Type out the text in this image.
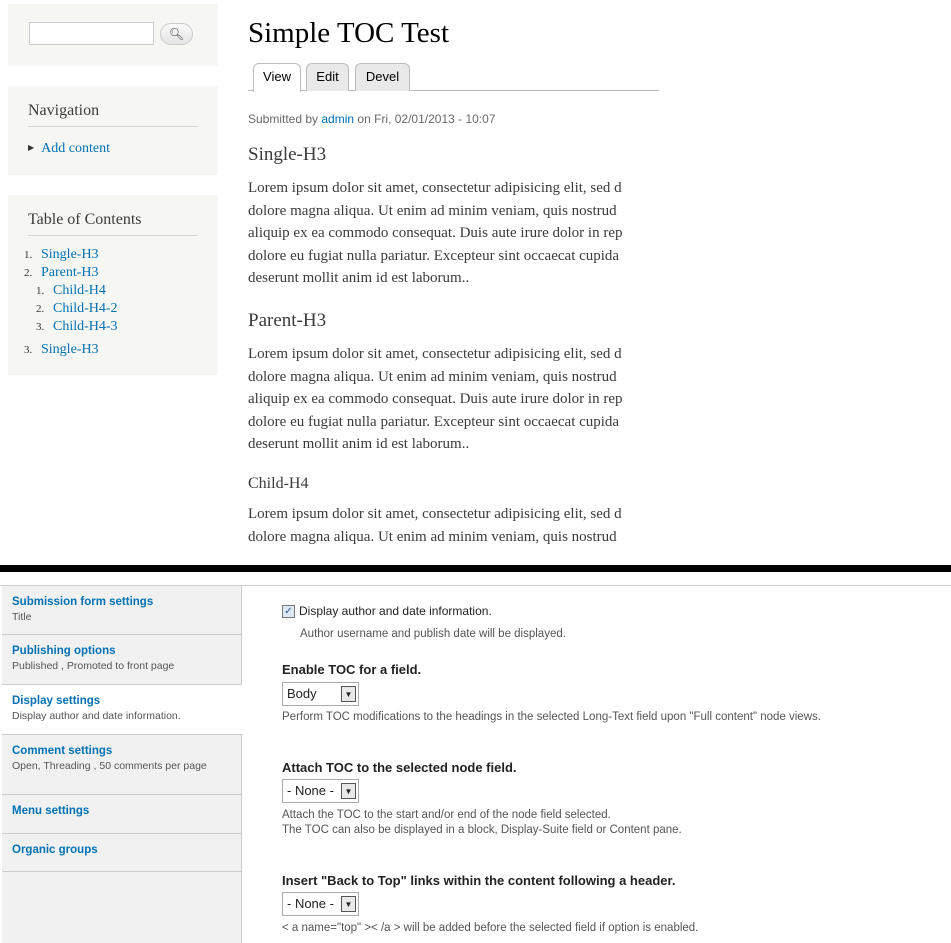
🔍︎
Navigation
▶ Add content
Table of Contents
1. Single-H3
2. Parent-H3
1. Child-H4
2. Child-H4-2
3. Child-H4-3
3. Single-H3
Simple TOC Test
View	Edit	Devel
Submitted by admin on Fri, 02/01/2013 - 10:07
Single-H3
Lorem ipsum dolor sit amet, consectetur adipisicing elit, sed d
dolore magna aliqua. Ut enim ad minim veniam, quis nostrud
aliquip ex ea commodo consequat. Duis aute irure dolor in rep
dolore eu fugiat nulla pariatur. Excepteur sint occaecat cupida
deserunt mollit anim id est laborum..
Parent-H3
Lorem ipsum dolor sit amet, consectetur adipisicing elit, sed d
dolore magna aliqua. Ut enim ad minim veniam, quis nostrud
aliquip ex ea commodo consequat. Duis aute irure dolor in rep
dolore eu fugiat nulla pariatur. Excepteur sint occaecat cupida
deserunt mollit anim id est laborum..
Child-H4
Lorem ipsum dolor sit amet, consectetur adipisicing elit, sed d
dolore magna aliqua. Ut enim ad minim veniam, quis nostrud
Submission form settings
Title
Publishing options
Published , Promoted to front page
Display settings
Display author and date information.
Comment settings
Open, Threading , 50 comments per page
Menu settings
Organic groups
✓ Display author and date information.
Author username and publish date will be displayed.
Enable TOC for a field.
Body	▼
Perform TOC modifications to the headings in the selected Long-Text field upon "Full content" node views.
Attach TOC to the selected node field.
- None -	▼
Attach the TOC to the start and/or end of the node field selected.
The TOC can also be displayed in a block, Display-Suite field or Content pane.
Insert "Back to Top" links within the content following a header.
- None -	▼
< a name="top" >< /a > will be added before the selected field if option is enabled.
